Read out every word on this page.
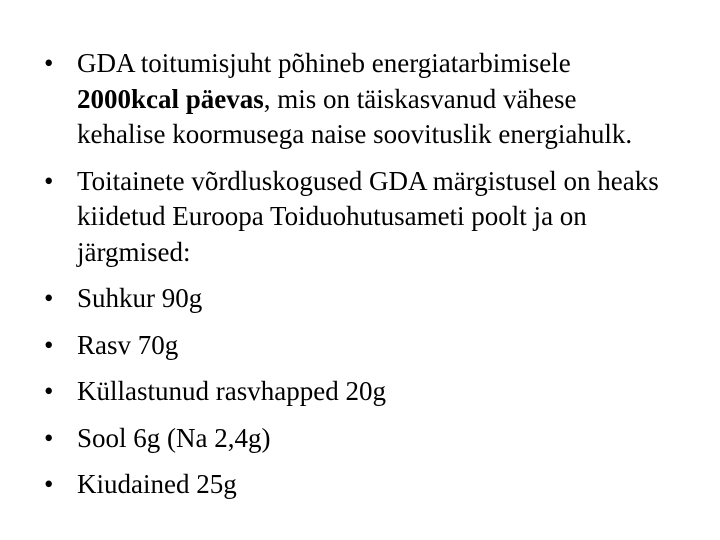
• GDA toitumisjuht põhineb energiatarbimisele 2000kcal päevas, mis on täiskasvanud vähese kehalise koormusega naise soovituslik energiahulk.
• Toitainete võrdluskogused GDA märgistusel on heaks kiidetud Euroopa Toiduohutusameti poolt ja on järgmised:
• Suhkur 90g
• Rasv 70g
• Küllastunud rasvhapped 20g
• Sool 6g (Na 2,4g)
• Kiudained 25g
